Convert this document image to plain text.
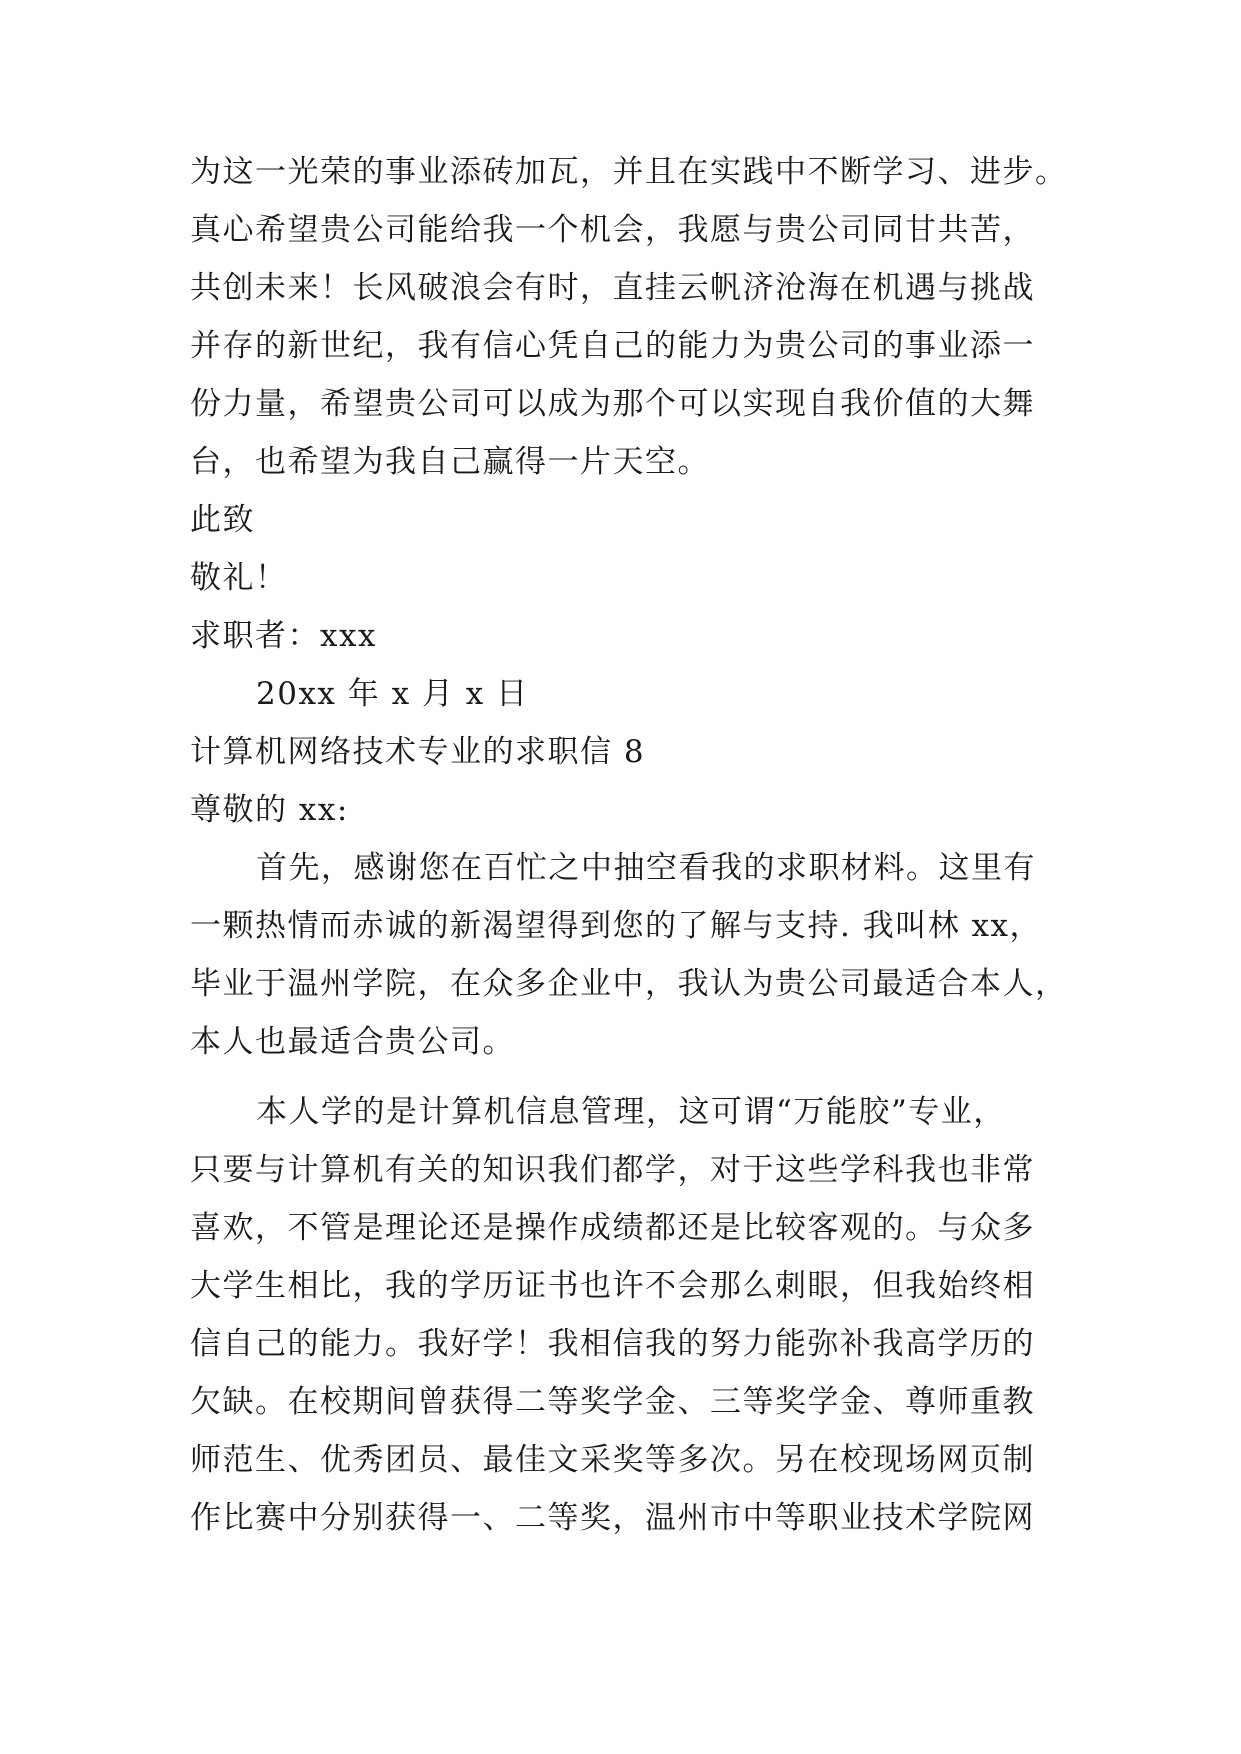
为这一光荣的事业添砖加瓦，并且在实践中不断学习、进步。
真心希望贵公司能给我一个机会，我愿与贵公司同甘共苦，
共创未来！长风破浪会有时，直挂云帆济沧海在机遇与挑战
并存的新世纪，我有信心凭自己的能力为贵公司的事业添一
份力量，希望贵公司可以成为那个可以实现自我价值的大舞
台，也希望为我自己赢得一片天空。
此致
敬礼！
求职者：xxx
20xx 年 x 月 x 日
计算机网络技术专业的求职信 8
尊敬的 xx:
首先，感谢您在百忙之中抽空看我的求职材料。这里有
一颗热情而赤诚的新渴望得到您的了解与支持. 我叫林 xx，
毕业于温州学院，在众多企业中，我认为贵公司最适合本人，
本人也最适合贵公司。
本人学的是计算机信息管理，这可谓“万能胶”专业，
只要与计算机有关的知识我们都学，对于这些学科我也非常
喜欢，不管是理论还是操作成绩都还是比较客观的。与众多
大学生相比，我的学历证书也许不会那么刺眼，但我始终相
信自己的能力。我好学！我相信我的努力能弥补我高学历的
欠缺。在校期间曾获得二等奖学金、三等奖学金、尊师重教
师范生、优秀团员、最佳文采奖等多次。另在校现场网页制
作比赛中分别获得一、二等奖，温州市中等职业技术学院网
